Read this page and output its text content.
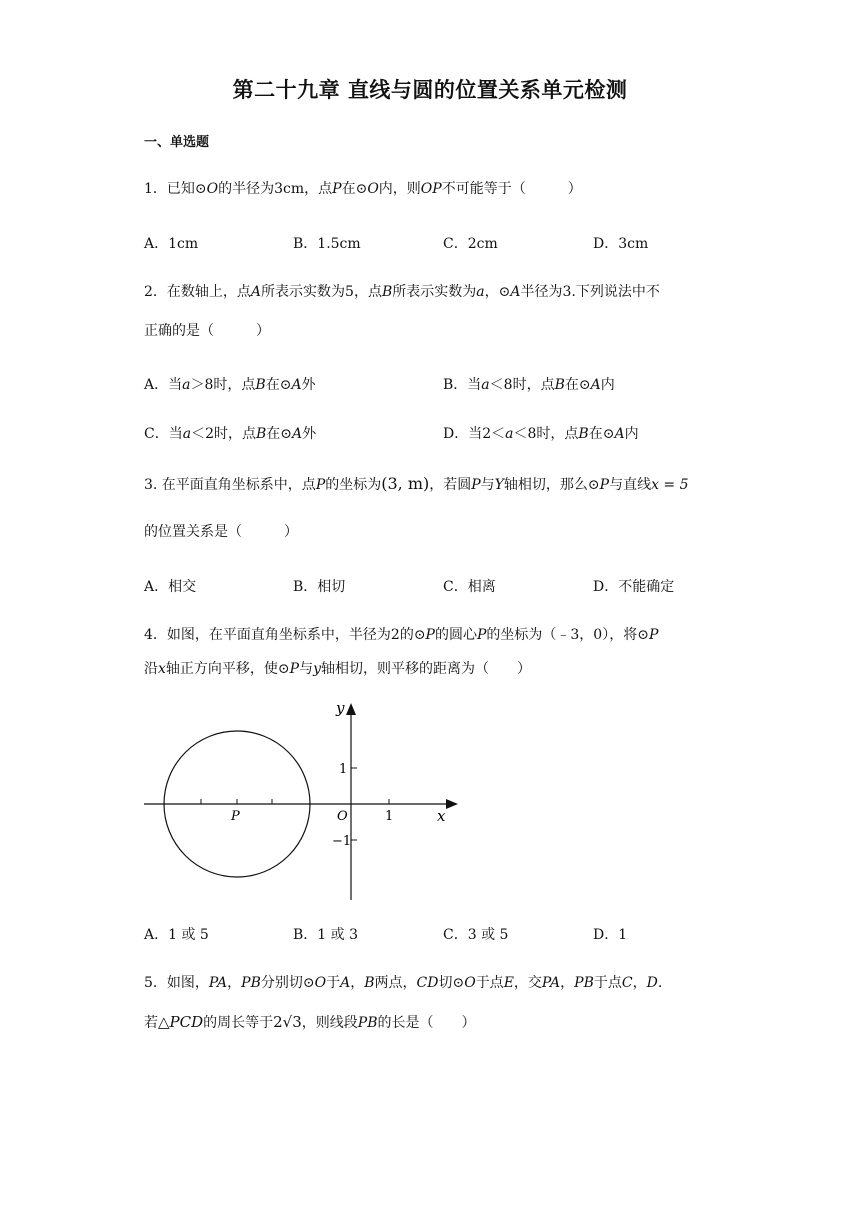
第二十九章 直线与圆的位置关系单元检测
一、单选题
1．已知⊙O的半径为3cm，点P在⊙O内，则OP不可能等于（　　　）
A．1cm	B．1.5cm	C．2cm	D．3cm
2．在数轴上，点A所表示实数为5，点B所表示实数为a，⊙A半径为3.下列说法中不
正确的是（　　　）
A．当a＞8时，点B在⊙A外	B．当a＜8时，点B在⊙A内
C．当a＜2时，点B在⊙A外	D．当2＜a＜8时，点B在⊙A内
3. 在平面直角坐标系中，点P的坐标为(3, m)，若圆P与Y轴相切，那么⊙P与直线x = 5
的位置关系是（　　　）
A．相交	B．相切	C．相离	D．不能确定
4．如图，在平面直角坐标系中，半径为2的⊙P的圆心P的坐标为（﹣3，0），将⊙P
沿x轴正方向平移，使⊙P与y轴相切，则平移的距离为（　　）
y
x
1
−1
O	1
P
A．1 或 5	B．1 或 3	C．3 或 5	D．1
5．如图，PA，PB分别切⊙O于A，B两点，CD切⊙O于点E，交PA，PB于点C，D.
若△PCD的周长等于2√3，则线段PB的长是（　　）
